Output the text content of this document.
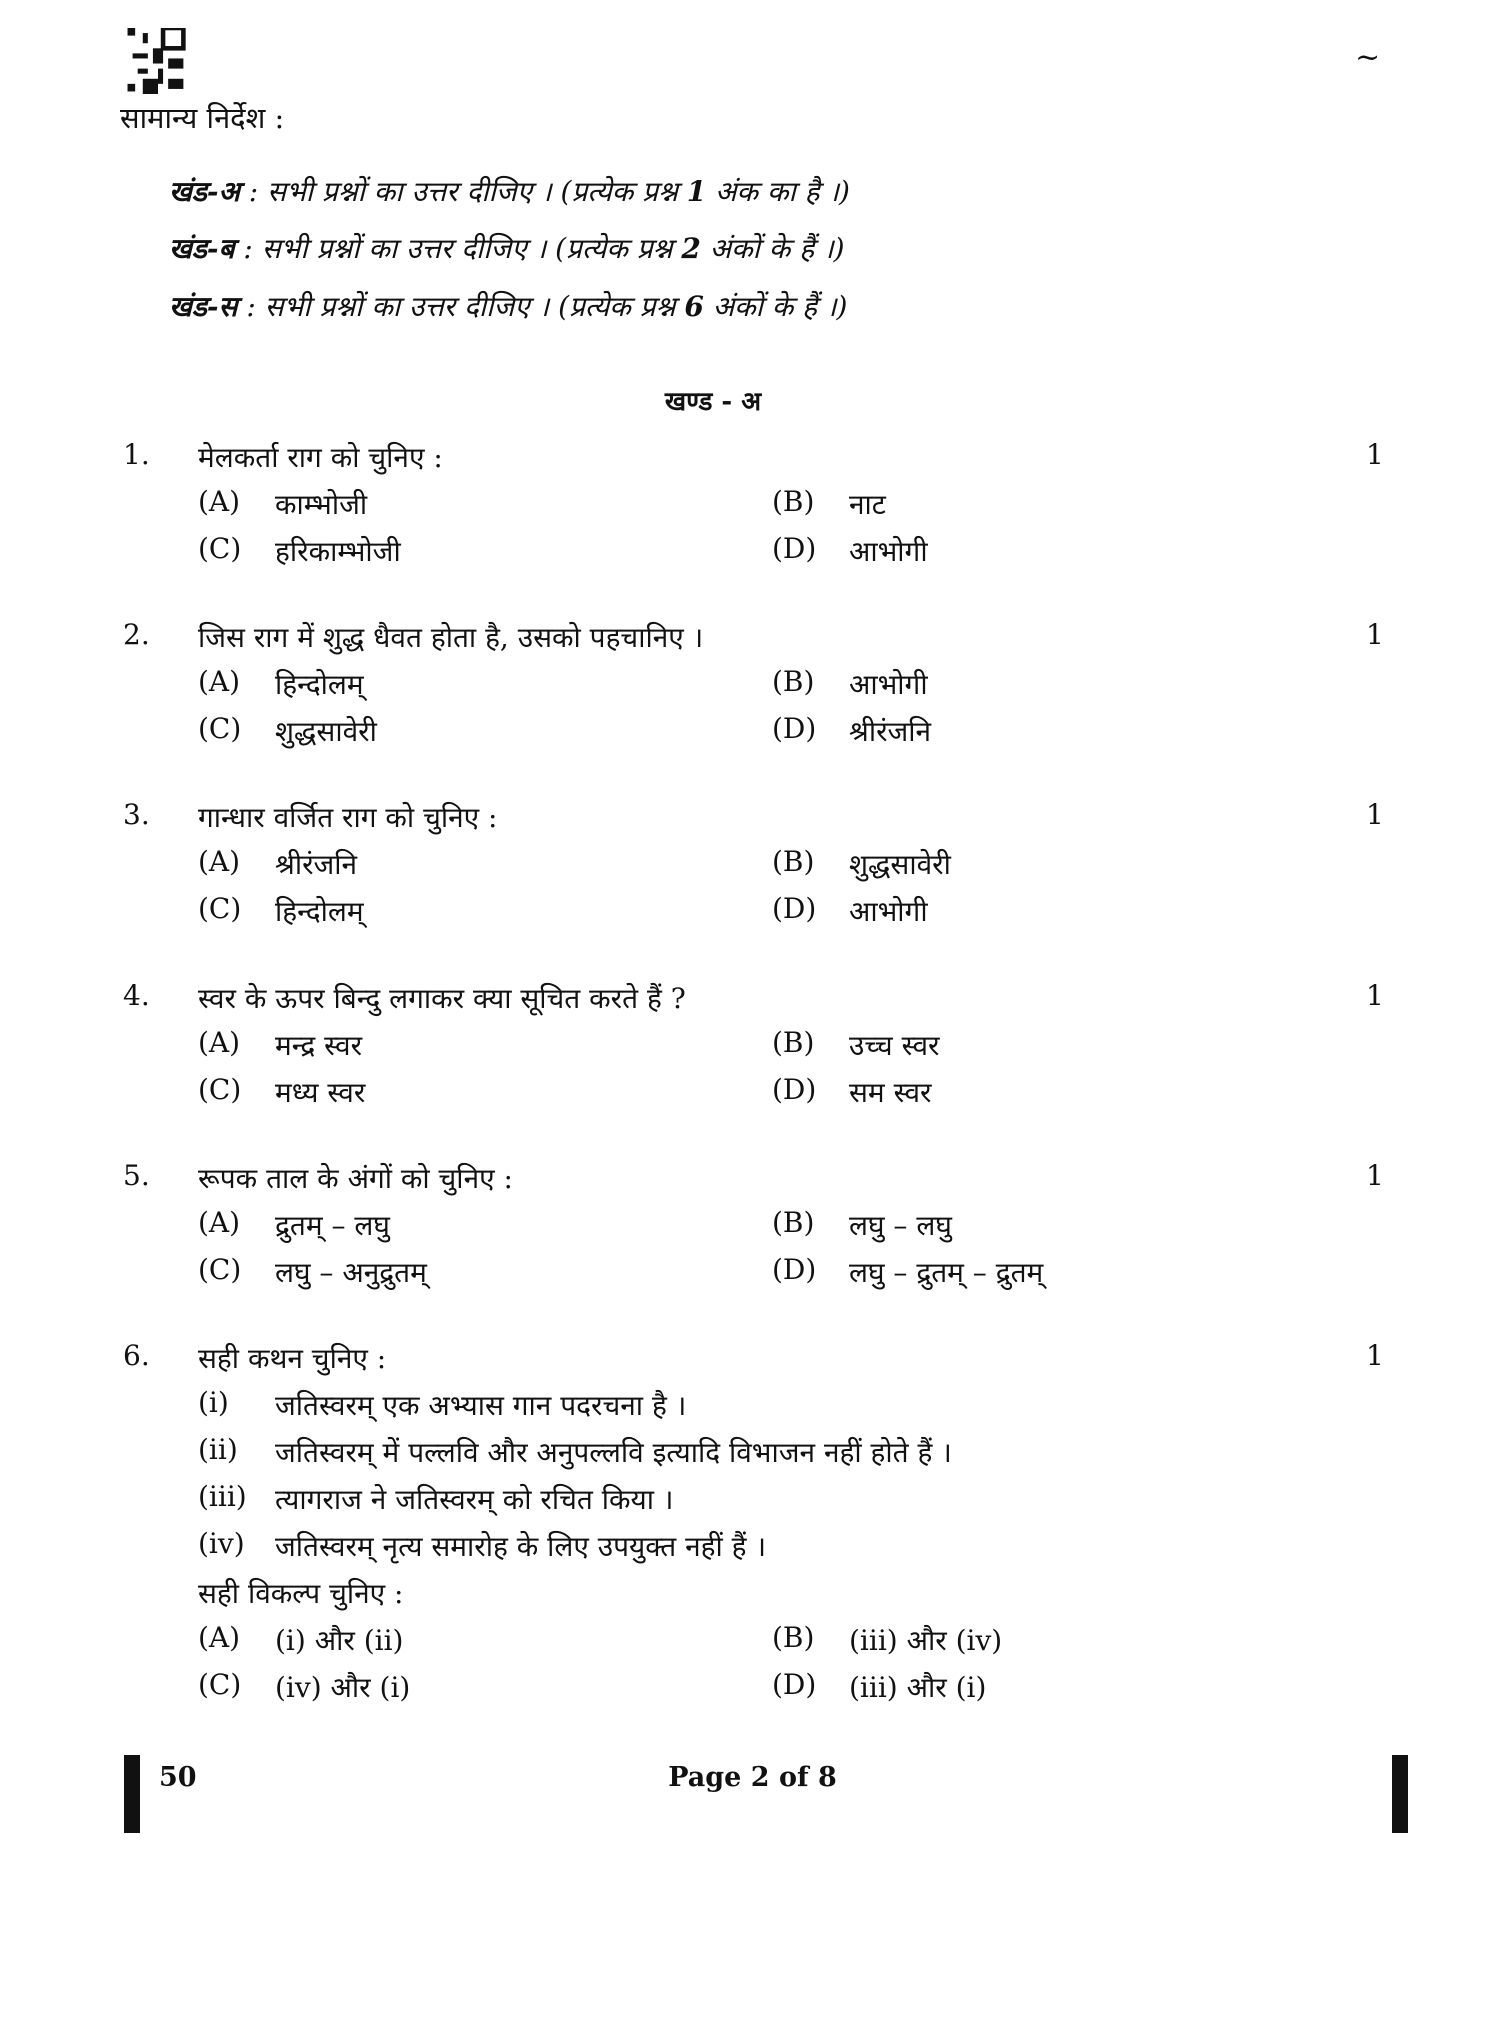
~
सामान्य निर्देश :
खंड-अ : सभी प्रश्नों का उत्तर दीजिए । (प्रत्येक प्रश्न 1 अंक का है ।)
खंड-ब : सभी प्रश्नों का उत्तर दीजिए । (प्रत्येक प्रश्न 2 अंकों के हैं ।)
खंड-स : सभी प्रश्नों का उत्तर दीजिए । (प्रत्येक प्रश्न 6 अंकों के हैं ।)
खण्ड - अ
1. मेलकर्ता राग को चुनिए :	1
(A) काम्भोजी	(B) नाट
(C) हरिकाम्भोजी	(D) आभोगी
2. जिस राग में शुद्ध धैवत होता है, उसको पहचानिए ।	1
(A) हिन्दोलम्	(B) आभोगी
(C) शुद्धसावेरी	(D) श्रीरंजनि
3. गान्धार वर्जित राग को चुनिए :	1
(A) श्रीरंजनि	(B) शुद्धसावेरी
(C) हिन्दोलम्	(D) आभोगी
4. स्वर के ऊपर बिन्दु लगाकर क्या सूचित करते हैं ?	1
(A) मन्द्र स्वर	(B) उच्च स्वर
(C) मध्य स्वर	(D) सम स्वर
5. रूपक ताल के अंगों को चुनिए :	1
(A) द्रुतम् – लघु	(B) लघु – लघु
(C) लघु – अनुद्रुतम्	(D) लघु – द्रुतम् – द्रुतम्
6. सही कथन चुनिए :	1
(i) जतिस्वरम् एक अभ्यास गान पदरचना है ।
(ii) जतिस्वरम् में पल्लवि और अनुपल्लवि इत्यादि विभाजन नहीं होते हैं ।
(iii) त्यागराज ने जतिस्वरम् को रचित किया ।
(iv) जतिस्वरम् नृत्य समारोह के लिए उपयुक्त नहीं हैं ।
सही विकल्प चुनिए :
(A) (i) और (ii)	(B) (iii) और (iv)
(C) (iv) और (i)	(D) (iii) और (i)
50	Page 2 of 8
